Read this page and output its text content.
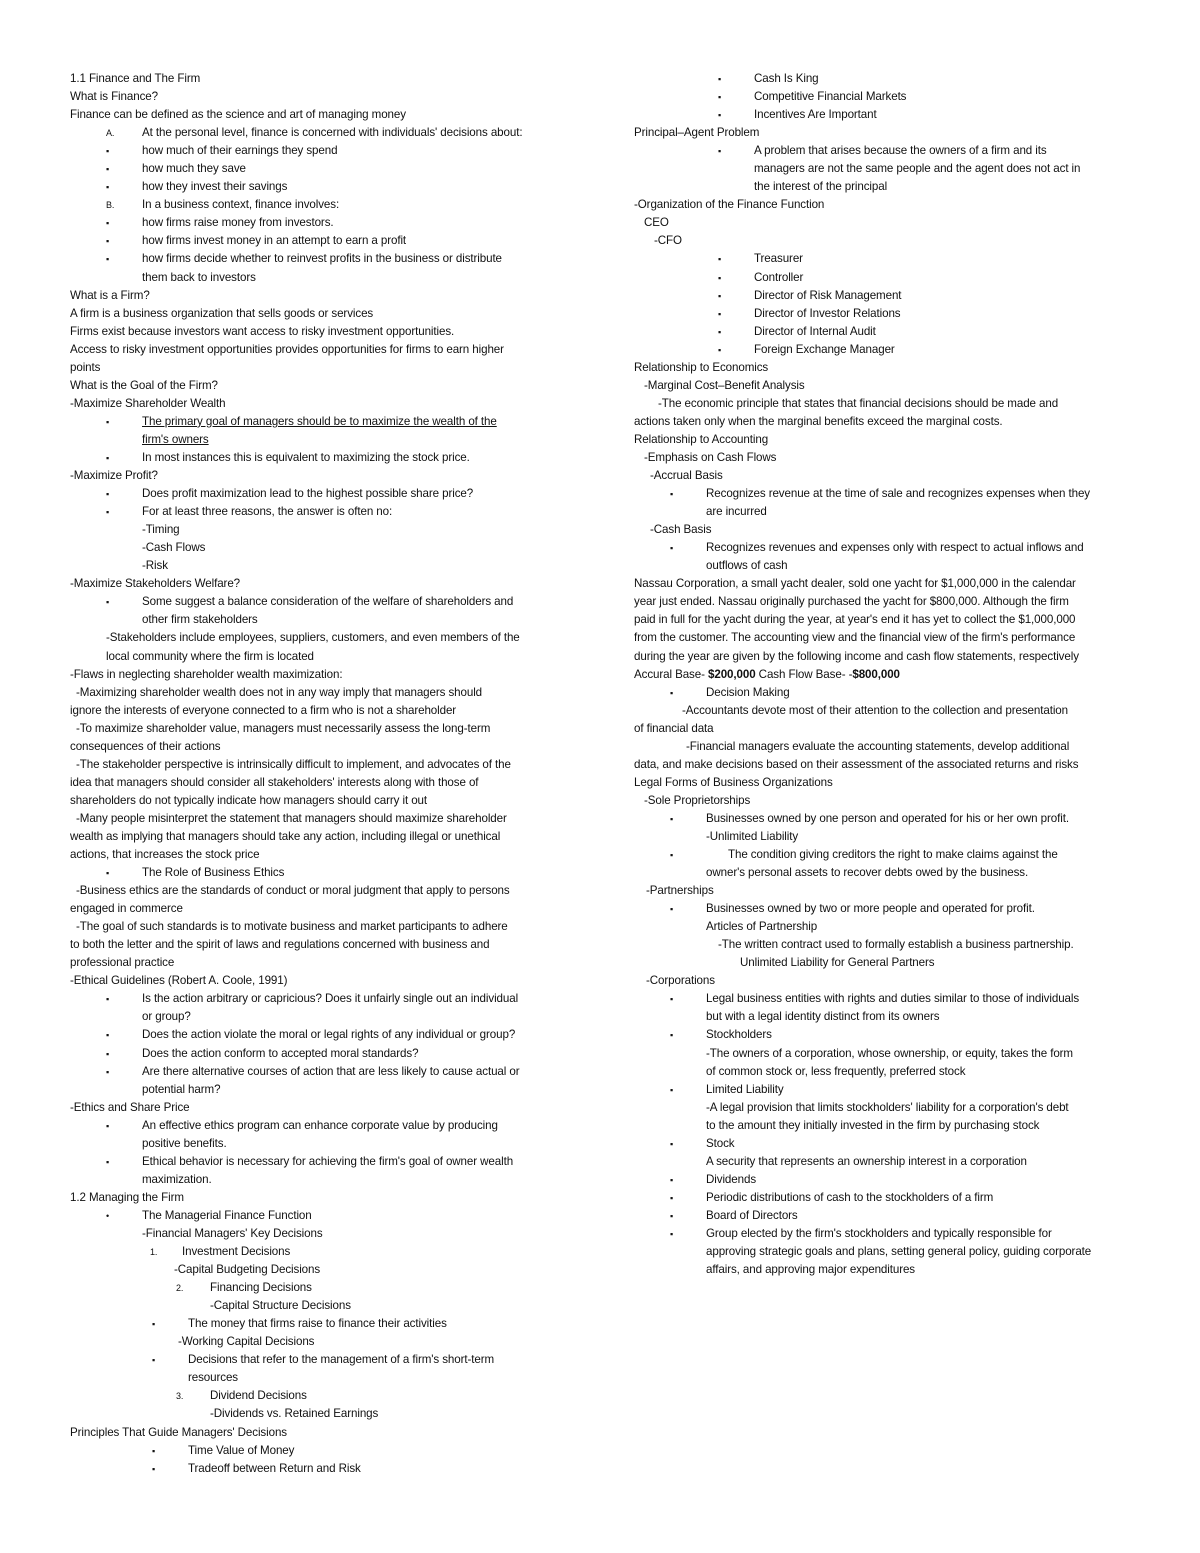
1.1 Finance and The Firm
What is Finance?
Finance can be defined as the science and art of managing money
A.	At the personal level, finance is concerned with individuals' decisions about:
▪	how much of their earnings they spend
▪	how much they save
▪	how they invest their savings
B.	In a business context, finance involves:
▪	how firms raise money from investors.
▪	how firms invest money in an attempt to earn a profit
▪	how firms decide whether to reinvest profits in the business or distribute
them back to investors
What is a Firm?
A firm is a business organization that sells goods or services
Firms exist because investors want access to risky investment opportunities.
Access to risky investment opportunities provides opportunities for firms to earn higher
points
What is the Goal of the Firm?
-Maximize Shareholder Wealth
▪	The primary goal of managers should be to maximize the wealth of the
firm's owners
▪	In most instances this is equivalent to maximizing the stock price.
-Maximize Profit?
▪	Does profit maximization lead to the highest possible share price?
▪	For at least three reasons, the answer is often no:
-Timing
-Cash Flows
-Risk
-Maximize Stakeholders Welfare?
▪	Some suggest a balance consideration of the welfare of shareholders and
other firm stakeholders
-Stakeholders include employees, suppliers, customers, and even members of the
local community where the firm is located
-Flaws in neglecting shareholder wealth maximization:
-Maximizing shareholder wealth does not in any way imply that managers should
ignore the interests of everyone connected to a firm who is not a shareholder
-To maximize shareholder value, managers must necessarily assess the long-term
consequences of their actions
-The stakeholder perspective is intrinsically difficult to implement, and advocates of the
idea that managers should consider all stakeholders' interests along with those of
shareholders do not typically indicate how managers should carry it out
-Many people misinterpret the statement that managers should maximize shareholder
wealth as implying that managers should take any action, including illegal or unethical
actions, that increases the stock price
▪	The Role of Business Ethics
-Business ethics are the standards of conduct or moral judgment that apply to persons
engaged in commerce
-The goal of such standards is to motivate business and market participants to adhere
to both the letter and the spirit of laws and regulations concerned with business and
professional practice
-Ethical Guidelines (Robert A. Coole, 1991)
▪	Is the action arbitrary or capricious? Does it unfairly single out an individual
or group?
▪	Does the action violate the moral or legal rights of any individual or group?
▪	Does the action conform to accepted moral standards?
▪	Are there alternative courses of action that are less likely to cause actual or
potential harm?
-Ethics and Share Price
▪	An effective ethics program can enhance corporate value by producing
positive benefits.
▪	Ethical behavior is necessary for achieving the firm's goal of owner wealth
maximization.
1.2 Managing the Firm
•	The Managerial Finance Function
-Financial Managers' Key Decisions
1.	Investment Decisions
-Capital Budgeting Decisions
2.	Financing Decisions
-Capital Structure Decisions
▪	The money that firms raise to finance their activities
-Working Capital Decisions
▪	Decisions that refer to the management of a firm's short-term
resources
3.	Dividend Decisions
-Dividends vs. Retained Earnings
Principles That Guide Managers' Decisions
▪	Time Value of Money
▪	Tradeoff between Return and Risk
▪	Cash Is King
▪	Competitive Financial Markets
▪	Incentives Are Important
Principal–Agent Problem
▪	A problem that arises because the owners of a firm and its
managers are not the same people and the agent does not act in
the interest of the principal
-Organization of the Finance Function
CEO
-CFO
▪	Treasurer
▪	Controller
▪	Director of Risk Management
▪	Director of Investor Relations
▪	Director of Internal Audit
▪	Foreign Exchange Manager
Relationship to Economics
-Marginal Cost–Benefit Analysis
-The economic principle that states that financial decisions should be made and
actions taken only when the marginal benefits exceed the marginal costs.
Relationship to Accounting
-Emphasis on Cash Flows
-Accrual Basis
▪	Recognizes revenue at the time of sale and recognizes expenses when they
are incurred
-Cash Basis
▪	Recognizes revenues and expenses only with respect to actual inflows and
outflows of cash
Nassau Corporation, a small yacht dealer, sold one yacht for $1,000,000 in the calendar
year just ended. Nassau originally purchased the yacht for $800,000. Although the firm
paid in full for the yacht during the year, at year's end it has yet to collect the $1,000,000
from the customer. The accounting view and the financial view of the firm's performance
during the year are given by the following income and cash flow statements, respectively
Accural Base- $200,000 Cash Flow Base- -$800,000
▪	Decision Making
-Accountants devote most of their attention to the collection and presentation
of financial data
-Financial managers evaluate the accounting statements, develop additional
data, and make decisions based on their assessment of the associated returns and risks
Legal Forms of Business Organizations
-Sole Proprietorships
▪	Businesses owned by one person and operated for his or her own profit.
-Unlimited Liability
▪	The condition giving creditors the right to make claims against the
owner's personal assets to recover debts owed by the business.
-Partnerships
▪	Businesses owned by two or more people and operated for profit.
Articles of Partnership
-The written contract used to formally establish a business partnership.
Unlimited Liability for General Partners
-Corporations
▪	Legal business entities with rights and duties similar to those of individuals
but with a legal identity distinct from its owners
▪	Stockholders
-The owners of a corporation, whose ownership, or equity, takes the form
of common stock or, less frequently, preferred stock
▪	Limited Liability
-A legal provision that limits stockholders' liability for a corporation's debt
to the amount they initially invested in the firm by purchasing stock
▪	Stock
A security that represents an ownership interest in a corporation
▪	Dividends
▪	Periodic distributions of cash to the stockholders of a firm
▪	Board of Directors
▪	Group elected by the firm's stockholders and typically responsible for
approving strategic goals and plans, setting general policy, guiding corporate
affairs, and approving major expenditures
